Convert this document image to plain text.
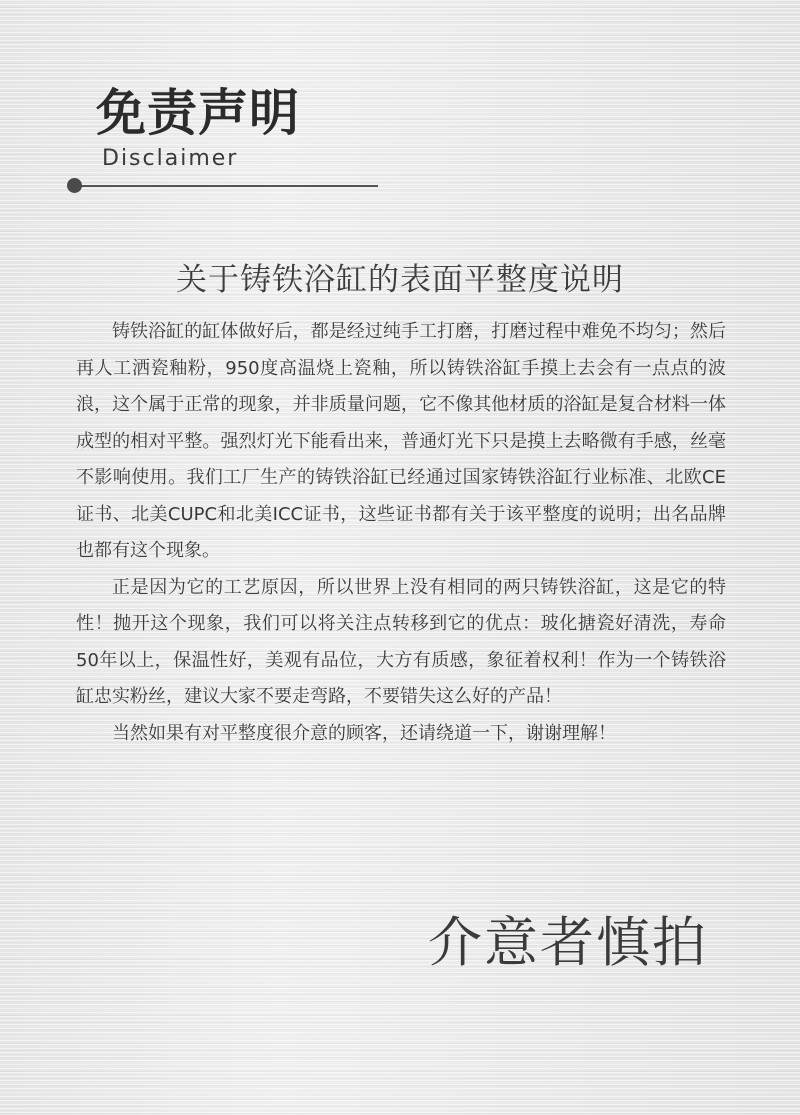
免责声明
Disclaimer
关于铸铁浴缸的表面平整度说明

铸铁浴缸的缸体做好后，都是经过纯手工打磨，打磨过程中难免不均匀；然后再人工洒瓷釉粉，950度高温烧上瓷釉，所以铸铁浴缸手摸上去会有一点点的波浪，这个属于正常的现象，并非质量问题，它不像其他材质的浴缸是复合材料一体成型的相对平整。强烈灯光下能看出来，普通灯光下只是摸上去略微有手感，丝毫不影响使用。我们工厂生产的铸铁浴缸已经通过国家铸铁浴缸行业标准、北欧CE证书、北美CUPC和北美ICC证书，这些证书都有关于该平整度的说明；出名品牌也都有这个现象。

正是因为它的工艺原因，所以世界上没有相同的两只铸铁浴缸，这是它的特性！抛开这个现象，我们可以将关注点转移到它的优点：玻化搪瓷好清洗，寿命50年以上，保温性好，美观有品位，大方有质感，象征着权利！作为一个铸铁浴缸忠实粉丝，建议大家不要走弯路，不要错失这么好的产品！

当然如果有对平整度很介意的顾客，还请绕道一下，谢谢理解！

介意者慎拍
